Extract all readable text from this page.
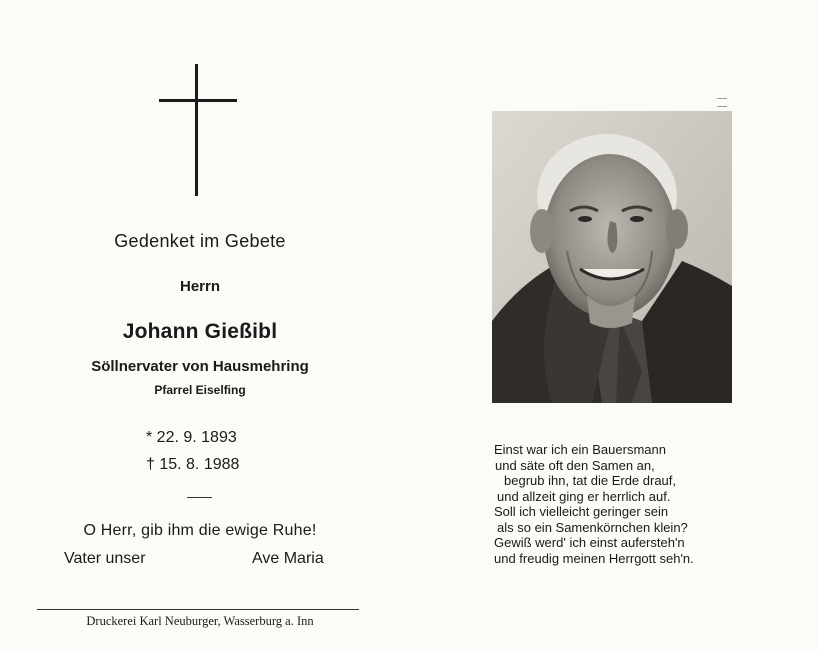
Gedenket im Gebete
Herrn
Johann Gießibl
Söllnervater von Hausmehring
Pfarrel Eiselfing
* 22. 9. 1893
† 15. 8. 1988
O Herr, gib ihm die ewige Ruhe!
Vater unser	Ave Maria
Druckerei Karl Neuburger, Wasserburg a. Inn
Einst war ich ein Bauersmann
und säte oft den Samen an,
begrub ihn, tat die Erde drauf,
und allzeit ging er herrlich auf.
Soll ich vielleicht geringer sein
als so ein Samenkörnchen klein?
Gewiß werd' ich einst aufersteh'n
und freudig meinen Herrgott seh'n.
